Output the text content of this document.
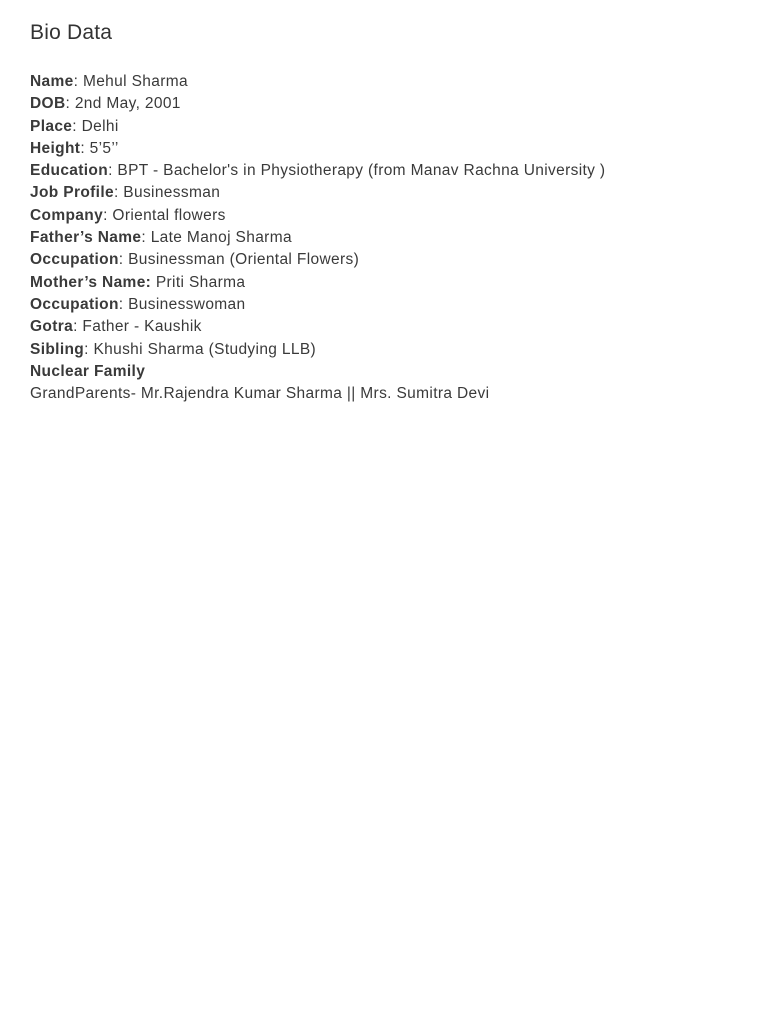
Bio Data
Name: Mehul Sharma
DOB: 2nd May, 2001
Place: Delhi
Height: 5’5’’
Education: BPT - Bachelor's in Physiotherapy (from Manav Rachna University )
Job Profile: Businessman
Company: Oriental flowers
Father’s Name: Late Manoj Sharma
Occupation: Businessman (Oriental Flowers)
Mother’s Name: Priti Sharma
Occupation: Businesswoman
Gotra: Father - Kaushik
Sibling: Khushi Sharma (Studying LLB)
Nuclear Family
GrandParents- Mr.Rajendra Kumar Sharma || Mrs. Sumitra Devi
